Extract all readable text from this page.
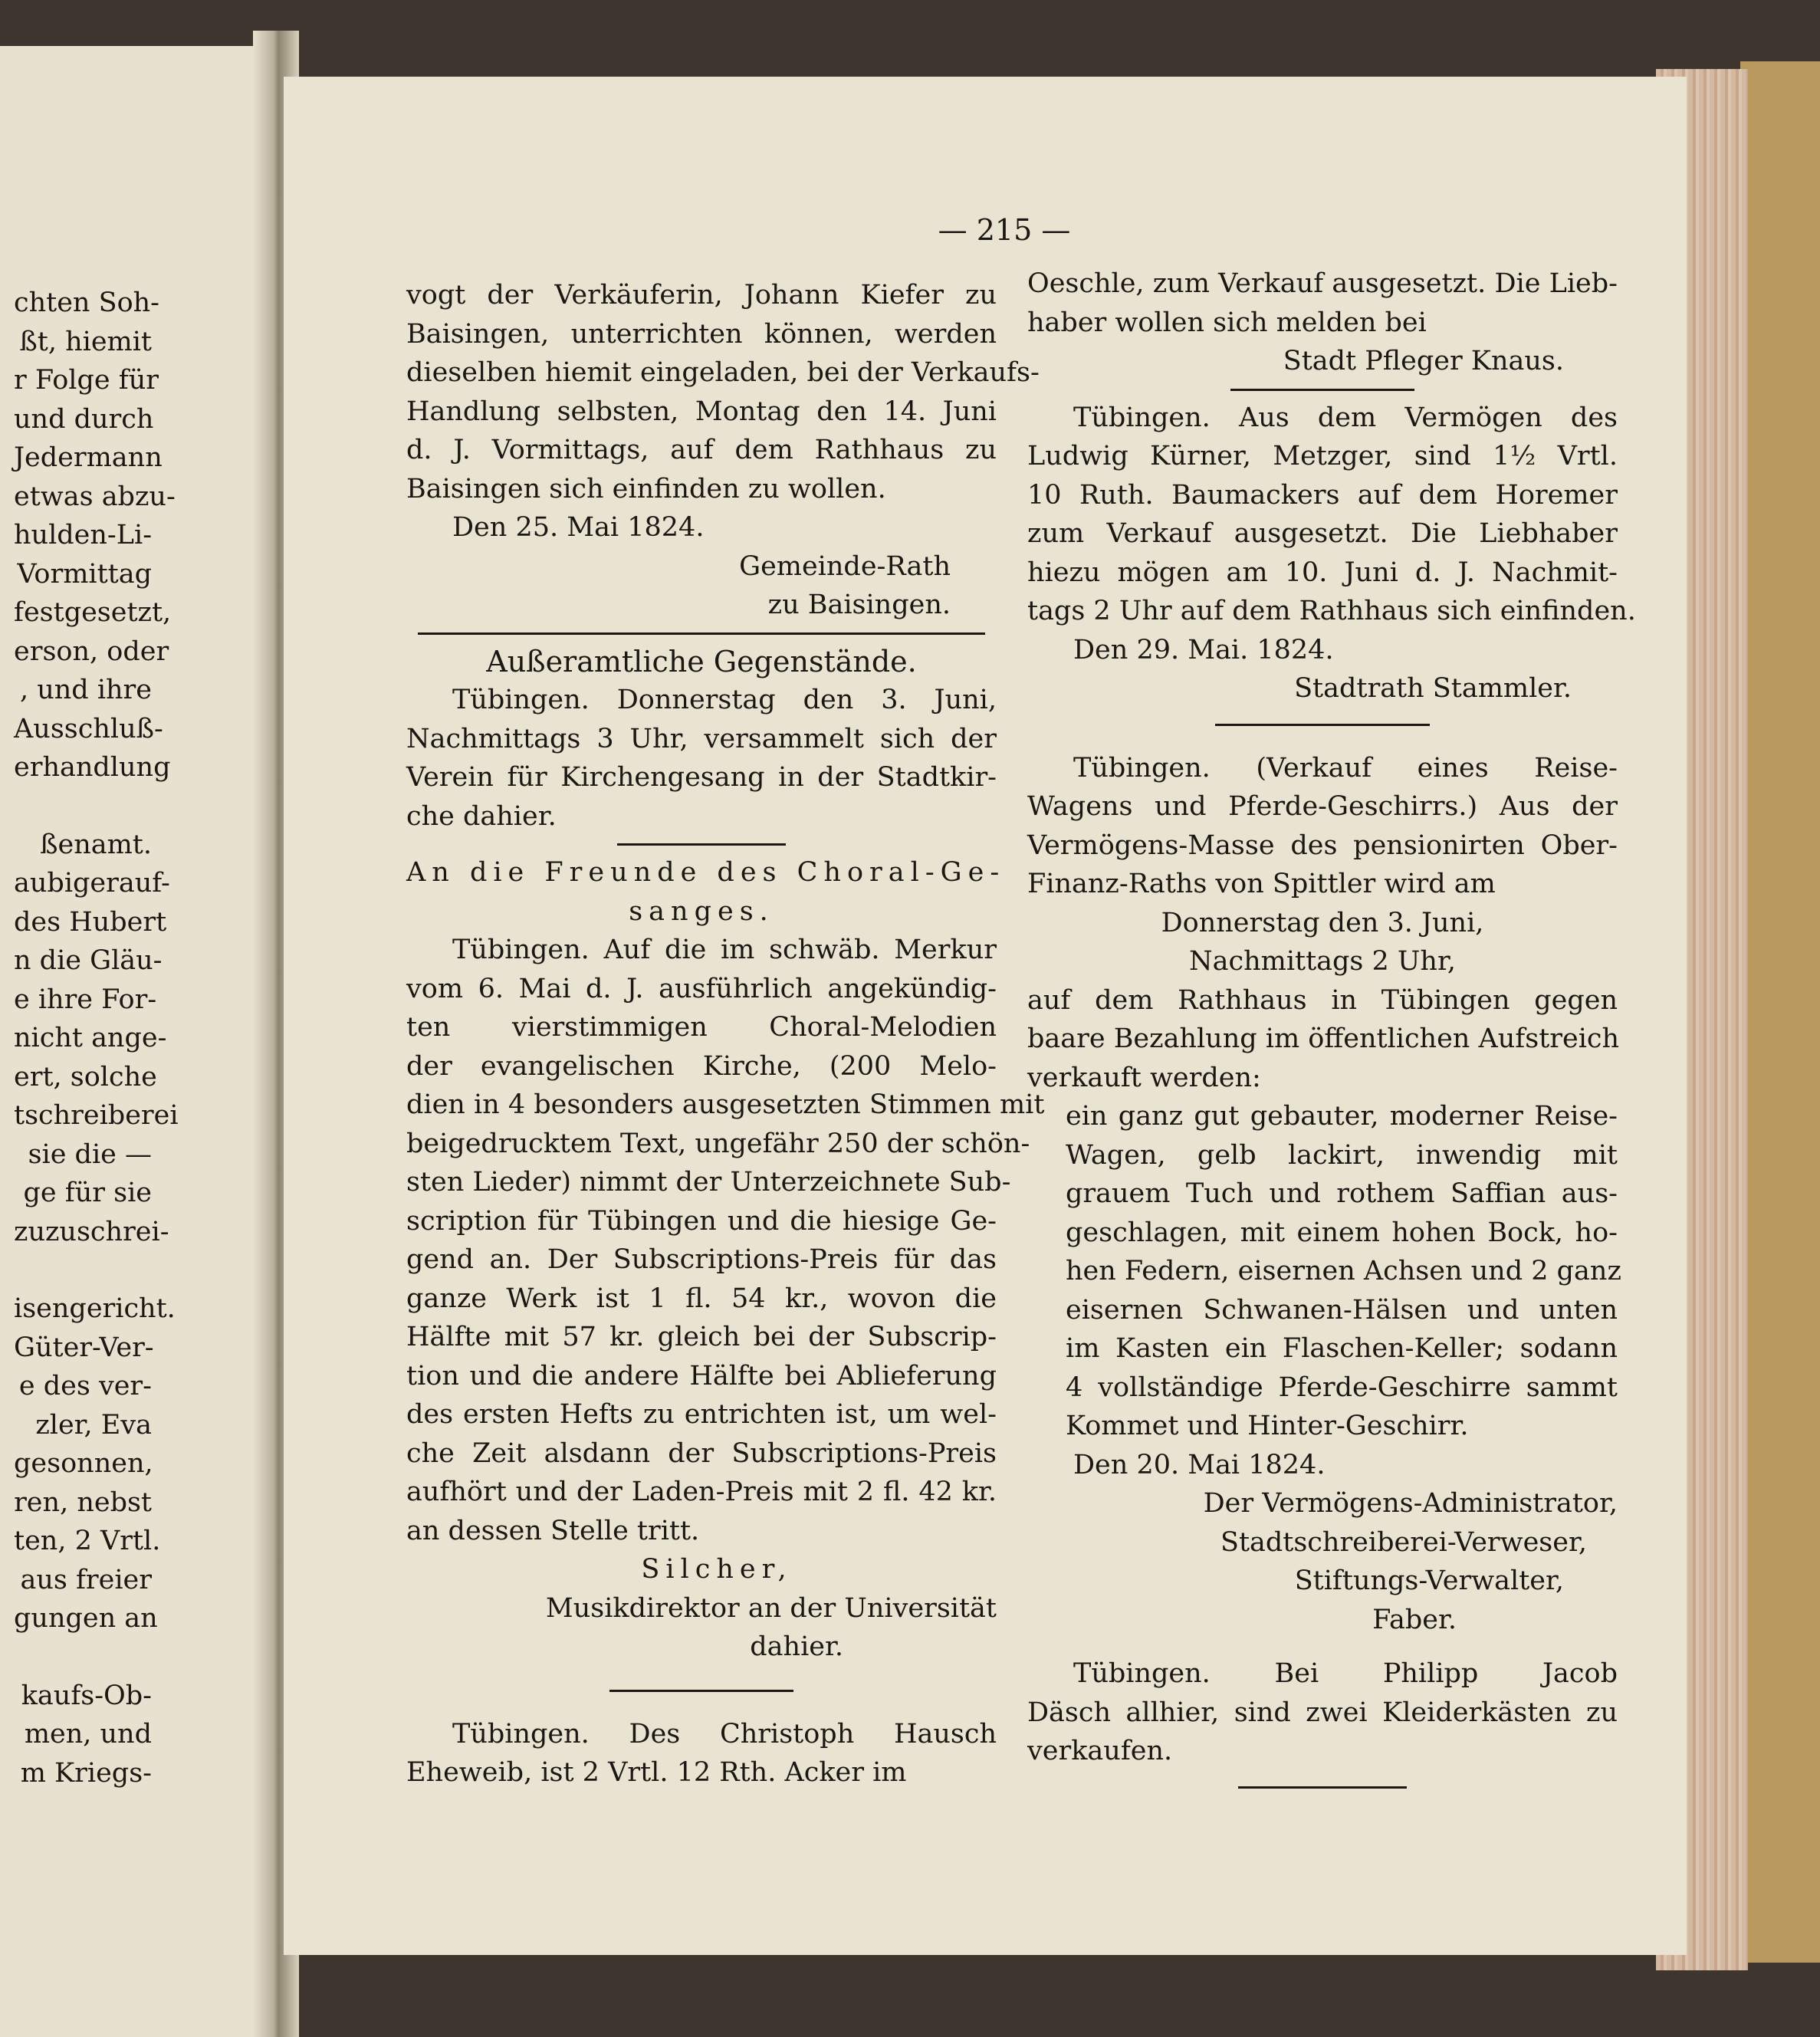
— 215 —
chten Soh-
ßt, hiemit
r Folge für
und durch
Jedermann
etwas abzu-
hulden-Li-
Vormittag
festgesetzt,
erson, oder
, und ihre
Ausschluß-
erhandlung
ßenamt.
aubigerauf-
des Hubert
n die Gläu-
e ihre For-
nicht ange-
ert, solche
tschreiberei
sie die —
ge für sie
zuzuschrei-
isengericht.
Güter-Ver-
e des ver-
zler, Eva
gesonnen,
ren, nebst
ten, 2 Vrtl.
aus freier
gungen an
kaufs-Ob-
men, und
m Kriegs-
vogt der Verkäuferin, Johann Kiefer zu
Baisingen, unterrichten können, werden
dieselben hiemit eingeladen, bei der Verkaufs-
Handlung selbsten, Montag den 14. Juni
d. J. Vormittags, auf dem Rathhaus zu
Baisingen sich einfinden zu wollen.
Den 25. Mai 1824.
Gemeinde-Rath
zu Baisingen.
Außeramtliche Gegenstände.
Tübingen. Donnerstag den 3. Juni,
Nachmittags 3 Uhr, versammelt sich der
Verein für Kirchengesang in der Stadtkir-
che dahier.
An die Freunde des Choral-Ge-
sanges.
Tübingen. Auf die im schwäb. Merkur
vom 6. Mai d. J. ausführlich angekündig-
ten vierstimmigen Choral-Melodien
der evangelischen Kirche, (200 Melo-
dien in 4 besonders ausgesetzten Stimmen mit
beigedrucktem Text, ungefähr 250 der schön-
sten Lieder) nimmt der Unterzeichnete Sub-
scription für Tübingen und die hiesige Ge-
gend an. Der Subscriptions-Preis für das
ganze Werk ist 1 fl. 54 kr., wovon die
Hälfte mit 57 kr. gleich bei der Subscrip-
tion und die andere Hälfte bei Ablieferung
des ersten Hefts zu entrichten ist, um wel-
che Zeit alsdann der Subscriptions-Preis
aufhört und der Laden-Preis mit 2 fl. 42 kr.
an dessen Stelle tritt.
Silcher,
Musikdirektor an der Universität
dahier.
Tübingen. Des Christoph Hausch
Eheweib, ist 2 Vrtl. 12 Rth. Acker im
Oeschle, zum Verkauf ausgesetzt. Die Lieb-
haber wollen sich melden bei
Stadt Pfleger Knaus.
Tübingen. Aus dem Vermögen des
Ludwig Kürner, Metzger, sind 1½ Vrtl.
10 Ruth. Baumackers auf dem Horemer
zum Verkauf ausgesetzt. Die Liebhaber
hiezu mögen am 10. Juni d. J. Nachmit-
tags 2 Uhr auf dem Rathhaus sich einfinden.
Den 29. Mai. 1824.
Stadtrath Stammler.
Tübingen. (Verkauf eines Reise-
Wagens und Pferde-Geschirrs.) Aus der
Vermögens-Masse des pensionirten Ober-
Finanz-Raths von Spittler wird am
Donnerstag den 3. Juni,
Nachmittags 2 Uhr,
auf dem Rathhaus in Tübingen gegen
baare Bezahlung im öffentlichen Aufstreich
verkauft werden:
ein ganz gut gebauter, moderner Reise-
Wagen, gelb lackirt, inwendig mit
grauem Tuch und rothem Saffian aus-
geschlagen, mit einem hohen Bock, ho-
hen Federn, eisernen Achsen und 2 ganz
eisernen Schwanen-Hälsen und unten
im Kasten ein Flaschen-Keller; sodann
4 vollständige Pferde-Geschirre sammt
Kommet und Hinter-Geschirr.
Den 20. Mai 1824.
Der Vermögens-Administrator,
Stadtschreiberei-Verweser,
Stiftungs-Verwalter,
Faber.
Tübingen. Bei Philipp Jacob
Däsch allhier, sind zwei Kleiderkästen zu
verkaufen.
